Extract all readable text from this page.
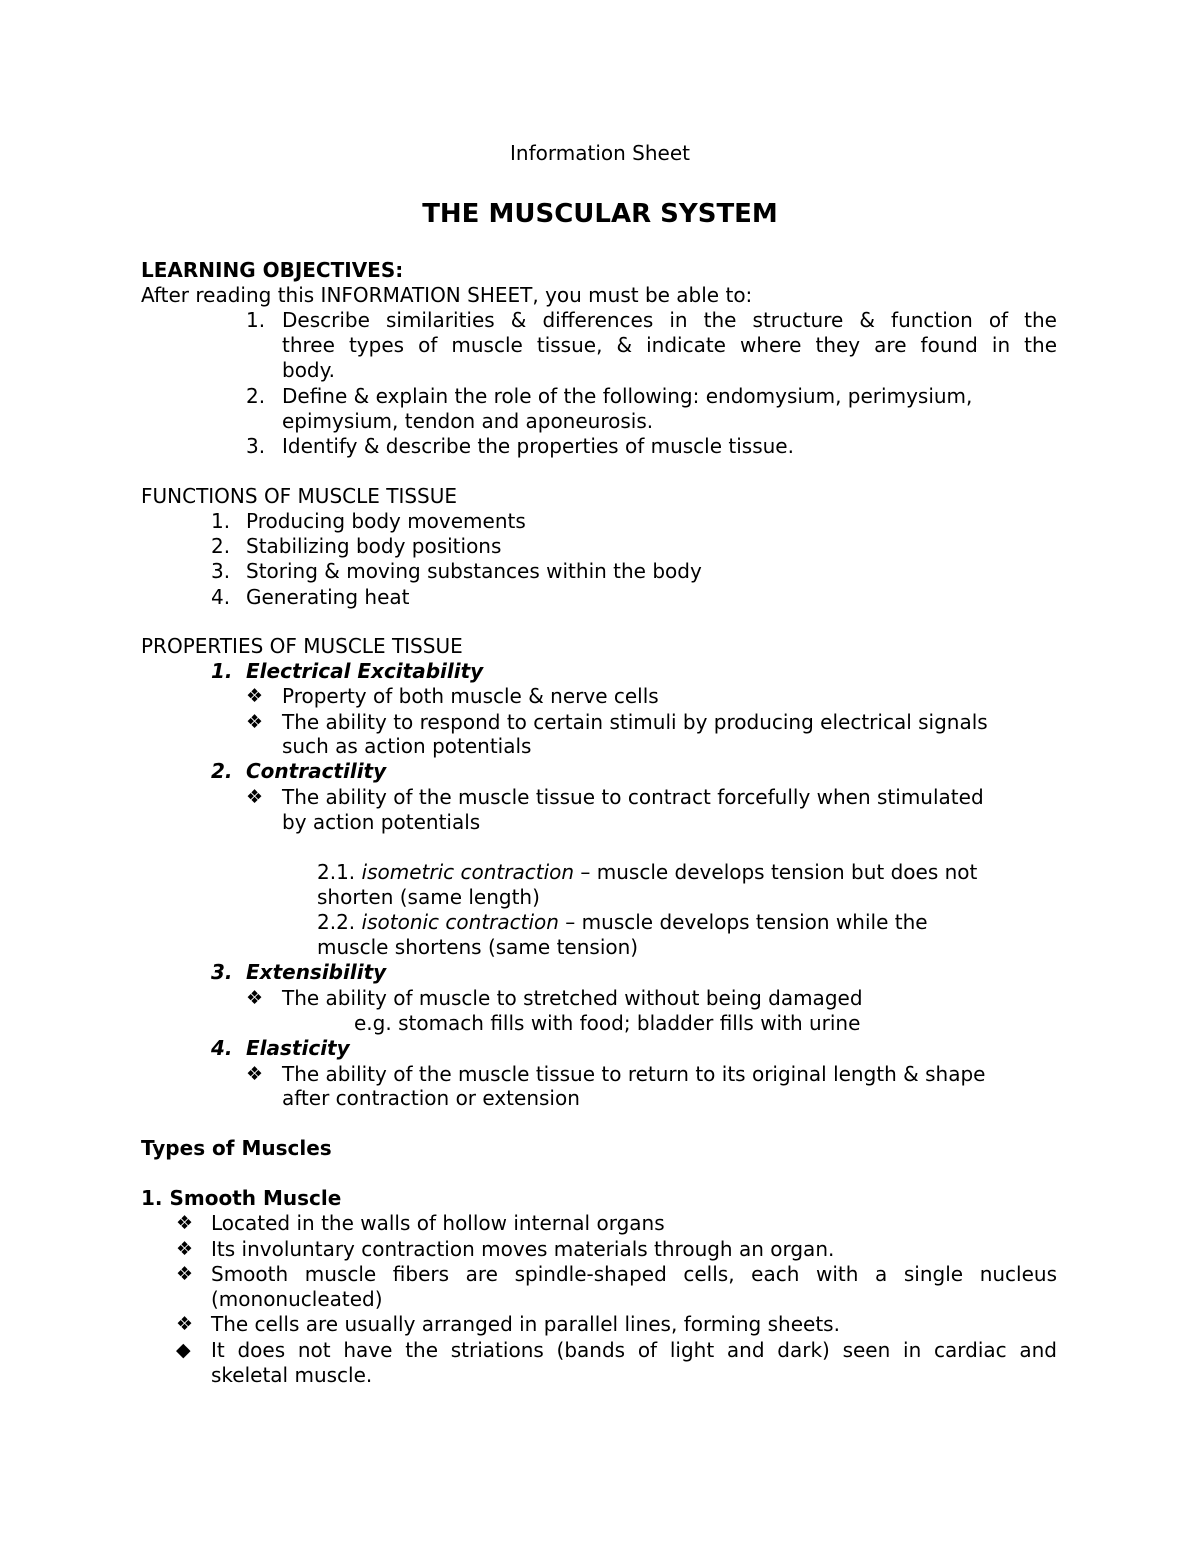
Information Sheet
THE MUSCULAR SYSTEM
LEARNING OBJECTIVES:
After reading this INFORMATION SHEET, you must be able to:
1. Describe similarities & differences in the structure & function of the
three types of muscle tissue, & indicate where they are found in the
body.
2. Define & explain the role of the following: endomysium, perimysium,
epimysium, tendon and aponeurosis.
3. Identify & describe the properties of muscle tissue.
FUNCTIONS OF MUSCLE TISSUE
1. Producing body movements
2. Stabilizing body positions
3. Storing & moving substances within the body
4. Generating heat
PROPERTIES OF MUSCLE TISSUE
1. Electrical Excitability
❖ Property of both muscle & nerve cells
❖ The ability to respond to certain stimuli by producing electrical signals
such as action potentials
2. Contractility
❖ The ability of the muscle tissue to contract forcefully when stimulated
by action potentials
2.1. isometric contraction – muscle develops tension but does not
shorten (same length)
2.2. isotonic contraction – muscle develops tension while the
muscle shortens (same tension)
3. Extensibility
❖ The ability of muscle to stretched without being damaged
e.g. stomach fills with food; bladder fills with urine
4. Elasticity
❖ The ability of the muscle tissue to return to its original length & shape
after contraction or extension
Types of Muscles
1. Smooth Muscle
❖ Located in the walls of hollow internal organs
❖ Its involuntary contraction moves materials through an organ.
❖ Smooth muscle fibers are spindle-shaped cells, each with a single nucleus
(mononucleated)
❖ The cells are usually arranged in parallel lines, forming sheets.
◆ It does not have the striations (bands of light and dark) seen in cardiac and
skeletal muscle.
